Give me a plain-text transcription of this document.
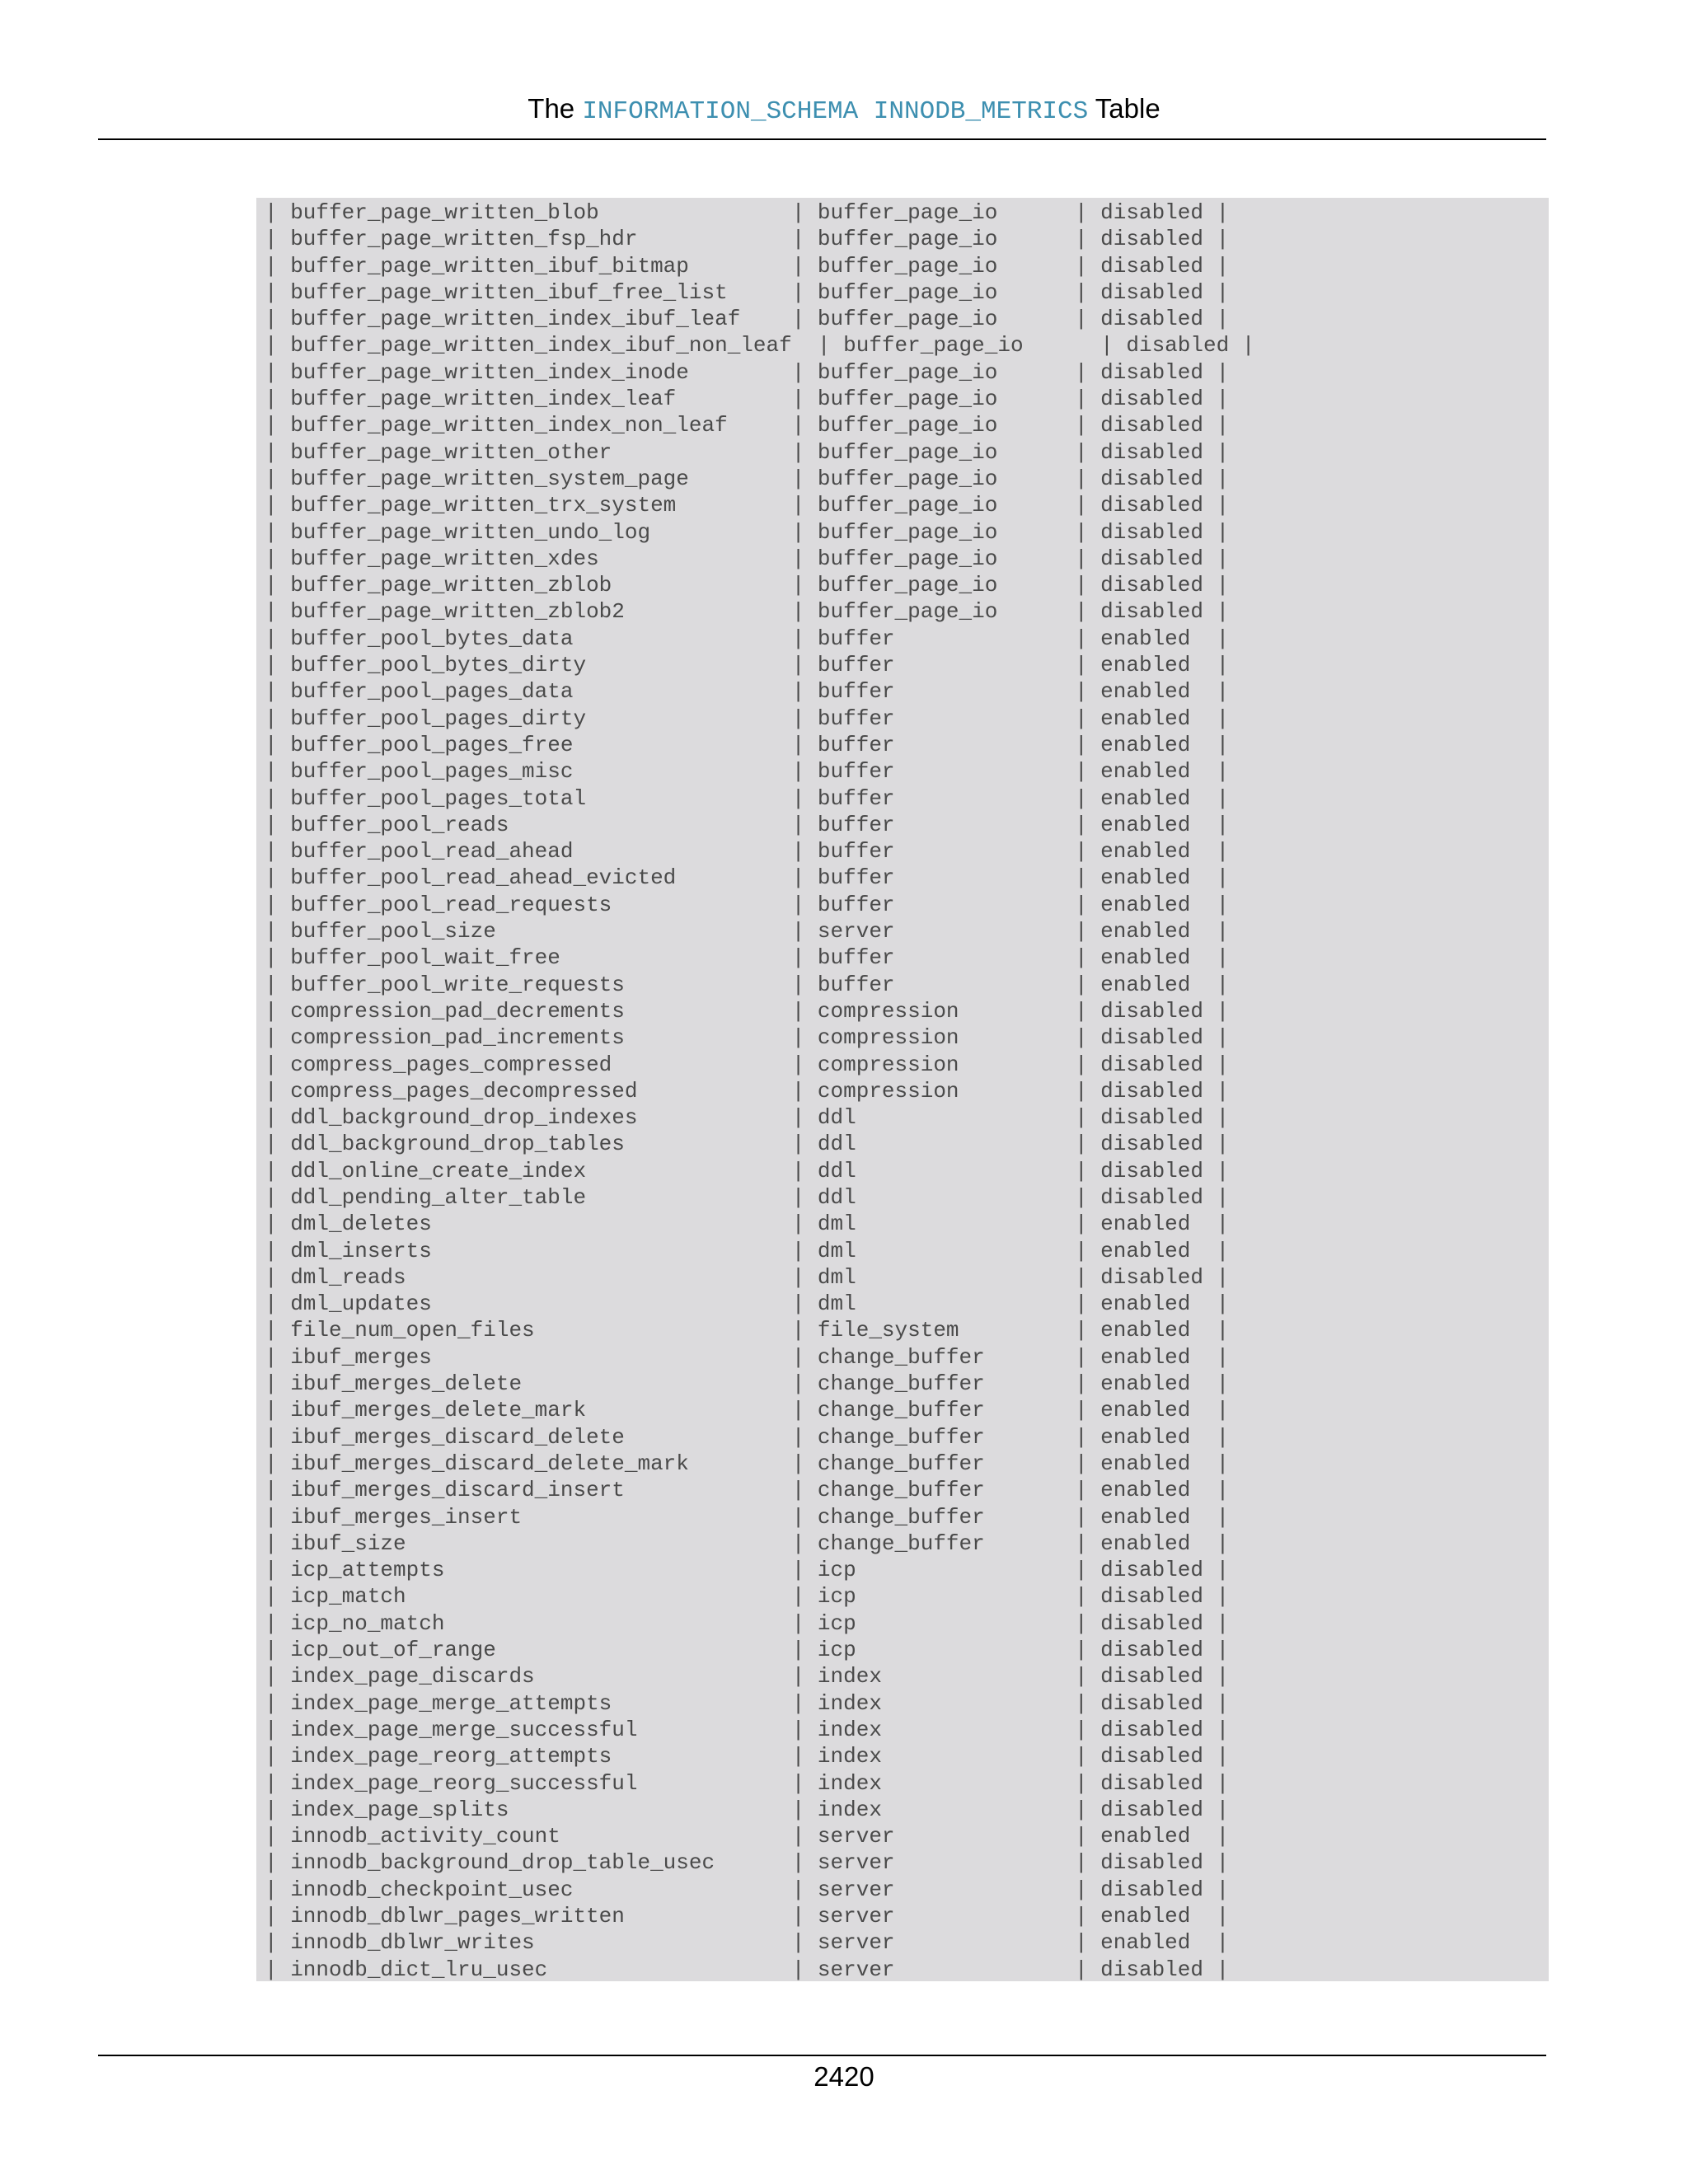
The INFORMATION_SCHEMA INNODB_METRICS Table
| buffer_page_written_blob               | buffer_page_io      | disabled |
| buffer_page_written_fsp_hdr            | buffer_page_io      | disabled |
| buffer_page_written_ibuf_bitmap        | buffer_page_io      | disabled |
| buffer_page_written_ibuf_free_list     | buffer_page_io      | disabled |
| buffer_page_written_index_ibuf_leaf    | buffer_page_io      | disabled |
| buffer_page_written_index_ibuf_non_leaf  | buffer_page_io      | disabled |
| buffer_page_written_index_inode        | buffer_page_io      | disabled |
| buffer_page_written_index_leaf         | buffer_page_io      | disabled |
| buffer_page_written_index_non_leaf     | buffer_page_io      | disabled |
| buffer_page_written_other              | buffer_page_io      | disabled |
| buffer_page_written_system_page        | buffer_page_io      | disabled |
| buffer_page_written_trx_system         | buffer_page_io      | disabled |
| buffer_page_written_undo_log           | buffer_page_io      | disabled |
| buffer_page_written_xdes               | buffer_page_io      | disabled |
| buffer_page_written_zblob              | buffer_page_io      | disabled |
| buffer_page_written_zblob2             | buffer_page_io      | disabled |
| buffer_pool_bytes_data                 | buffer              | enabled  |
| buffer_pool_bytes_dirty                | buffer              | enabled  |
| buffer_pool_pages_data                 | buffer              | enabled  |
| buffer_pool_pages_dirty                | buffer              | enabled  |
| buffer_pool_pages_free                 | buffer              | enabled  |
| buffer_pool_pages_misc                 | buffer              | enabled  |
| buffer_pool_pages_total                | buffer              | enabled  |
| buffer_pool_reads                      | buffer              | enabled  |
| buffer_pool_read_ahead                 | buffer              | enabled  |
| buffer_pool_read_ahead_evicted         | buffer              | enabled  |
| buffer_pool_read_requests              | buffer              | enabled  |
| buffer_pool_size                       | server              | enabled  |
| buffer_pool_wait_free                  | buffer              | enabled  |
| buffer_pool_write_requests             | buffer              | enabled  |
| compression_pad_decrements             | compression         | disabled |
| compression_pad_increments             | compression         | disabled |
| compress_pages_compressed              | compression         | disabled |
| compress_pages_decompressed            | compression         | disabled |
| ddl_background_drop_indexes            | ddl                 | disabled |
| ddl_background_drop_tables             | ddl                 | disabled |
| ddl_online_create_index                | ddl                 | disabled |
| ddl_pending_alter_table                | ddl                 | disabled |
| dml_deletes                            | dml                 | enabled  |
| dml_inserts                            | dml                 | enabled  |
| dml_reads                              | dml                 | disabled |
| dml_updates                            | dml                 | enabled  |
| file_num_open_files                    | file_system         | enabled  |
| ibuf_merges                            | change_buffer       | enabled  |
| ibuf_merges_delete                     | change_buffer       | enabled  |
| ibuf_merges_delete_mark                | change_buffer       | enabled  |
| ibuf_merges_discard_delete             | change_buffer       | enabled  |
| ibuf_merges_discard_delete_mark        | change_buffer       | enabled  |
| ibuf_merges_discard_insert             | change_buffer       | enabled  |
| ibuf_merges_insert                     | change_buffer       | enabled  |
| ibuf_size                              | change_buffer       | enabled  |
| icp_attempts                           | icp                 | disabled |
| icp_match                              | icp                 | disabled |
| icp_no_match                           | icp                 | disabled |
| icp_out_of_range                       | icp                 | disabled |
| index_page_discards                    | index               | disabled |
| index_page_merge_attempts              | index               | disabled |
| index_page_merge_successful            | index               | disabled |
| index_page_reorg_attempts              | index               | disabled |
| index_page_reorg_successful            | index               | disabled |
| index_page_splits                      | index               | disabled |
| innodb_activity_count                  | server              | enabled  |
| innodb_background_drop_table_usec      | server              | disabled |
| innodb_checkpoint_usec                 | server              | disabled |
| innodb_dblwr_pages_written             | server              | enabled  |
| innodb_dblwr_writes                    | server              | enabled  |
| innodb_dict_lru_usec                   | server              | disabled |
2420
